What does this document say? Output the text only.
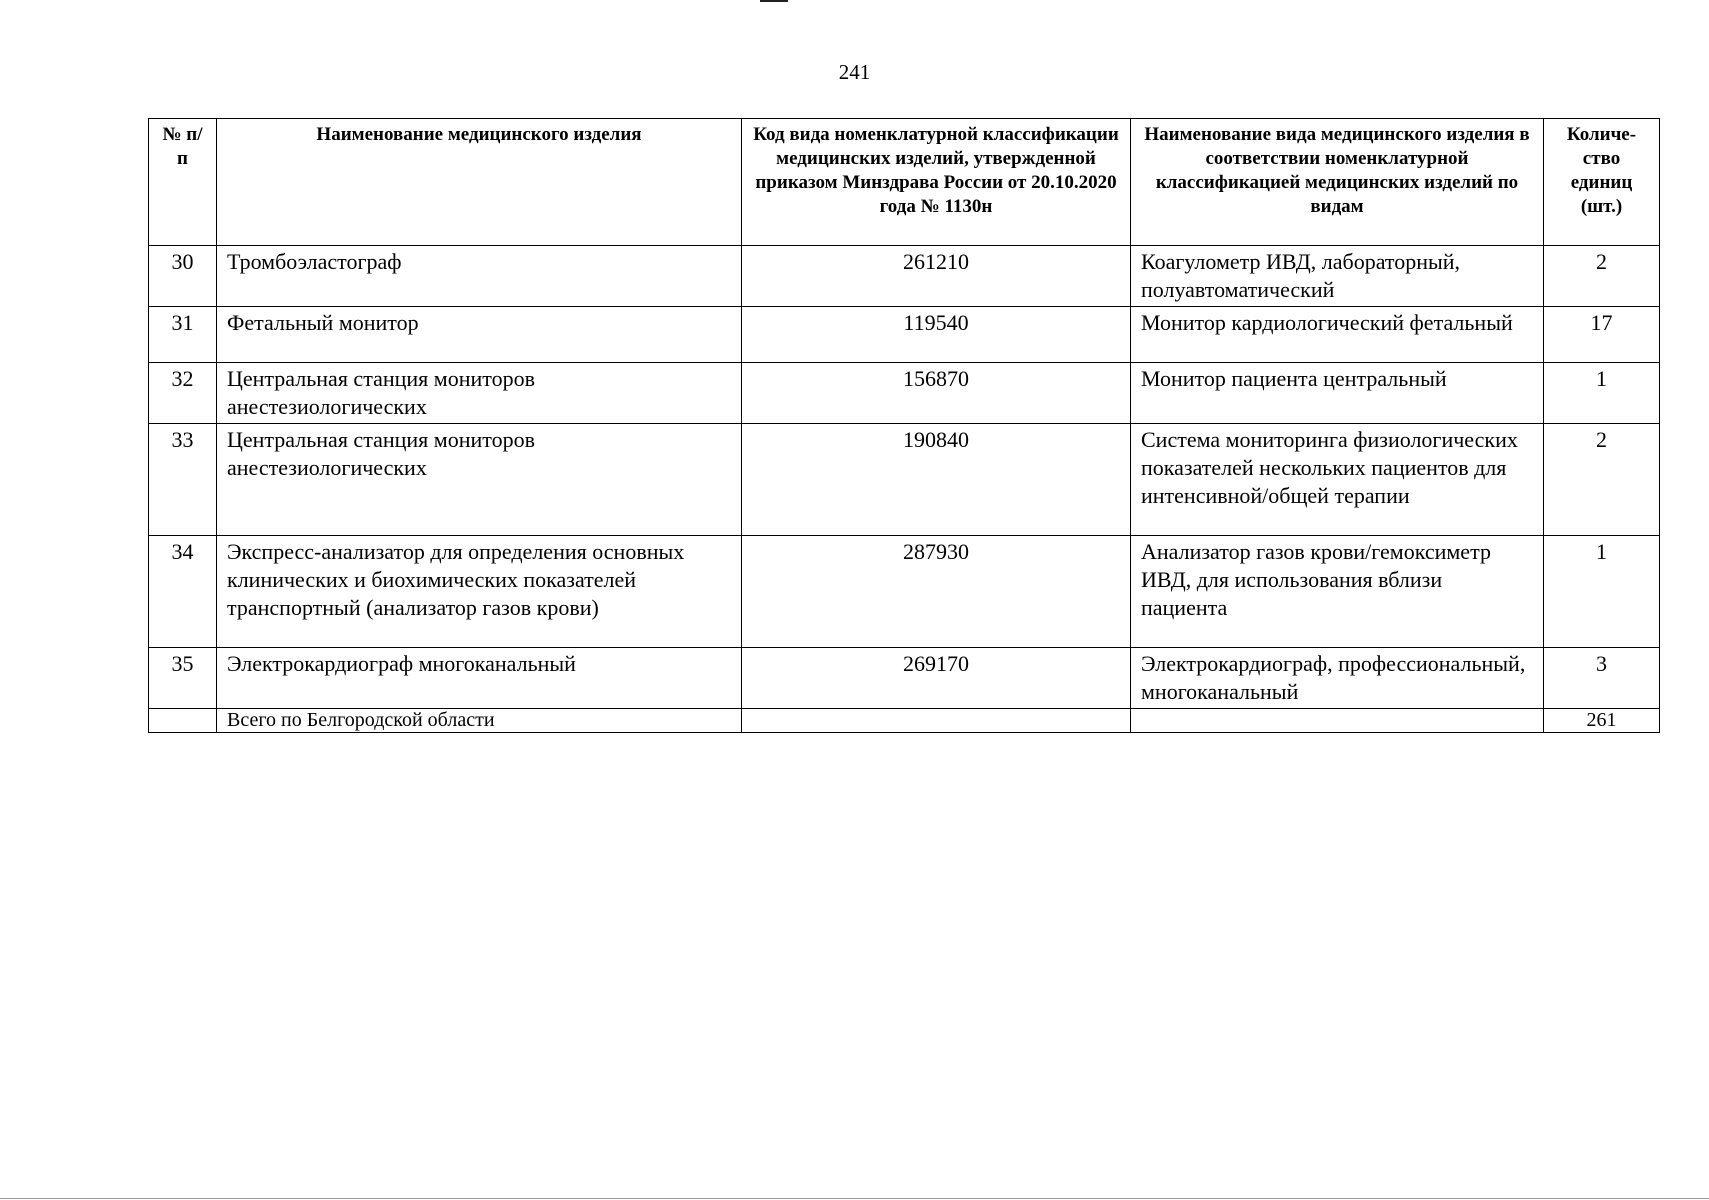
241
№ п/п	Наименование медицинского изделия	Код вида номенклатурной классификации медицинских изделий, утвержденной приказом Минздрава России от 20.10.2020 года № 1130н	Наименование вида медицинского изделия в соответствии номенклатурной классификацией медицинских изделий по видам	Количе-ство единиц (шт.)
30	Тромбоэластограф	261210	Коагулометр ИВД, лабораторный, полуавтоматический	2
31	Фетальный монитор	119540	Монитор кардиологический фетальный	17
32	Центральная станция мониторов анестезиологических	156870	Монитор пациента центральный	1
33	Центральная станция мониторов анестезиологических	190840	Система мониторинга физиологических показателей нескольких пациентов для интенсивной/общей терапии	2
34	Экспресс-анализатор для определения основных клинических и биохимических показателей транспортный (анализатор газов крови)	287930	Анализатор газов крови/гемоксиметр ИВД, для использования вблизи пациента	1
35	Электрокардиограф многоканальный	269170	Электрокардиограф, профессиональный, многоканальный	3
	Всего по Белгородской области			261
